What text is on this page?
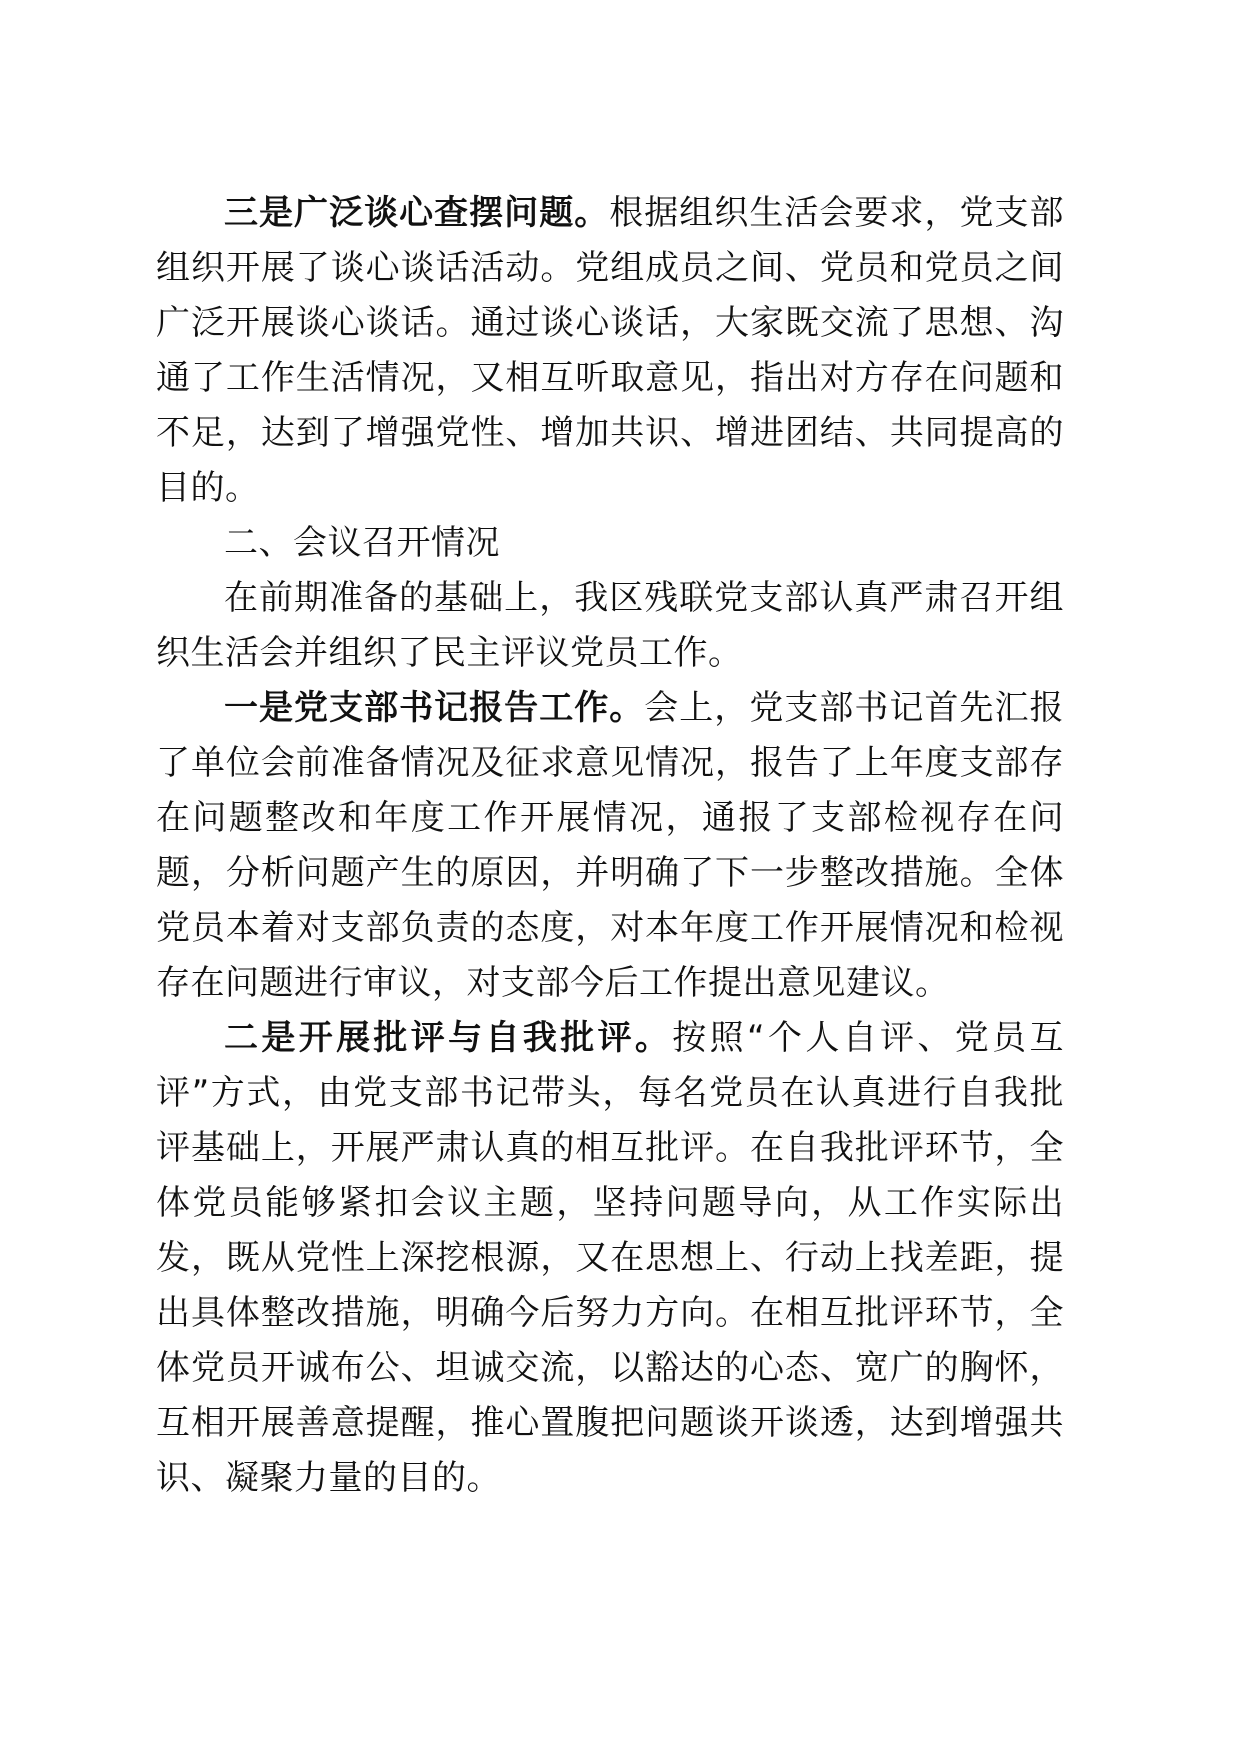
三是广泛谈心查摆问题。根据组织生活会要求，党支部组织开展了谈心谈话活动。党组成员之间、党员和党员之间广泛开展谈心谈话。通过谈心谈话，大家既交流了思想、沟通了工作生活情况，又相互听取意见，指出对方存在问题和不足，达到了增强党性、增加共识、增进团结、共同提高的目的。

二、会议召开情况

在前期准备的基础上，我区残联党支部认真严肃召开组织生活会并组织了民主评议党员工作。

一是党支部书记报告工作。会上，党支部书记首先汇报了单位会前准备情况及征求意见情况，报告了上年度支部存在问题整改和年度工作开展情况，通报了支部检视存在问题，分析问题产生的原因，并明确了下一步整改措施。全体党员本着对支部负责的态度，对本年度工作开展情况和检视存在问题进行审议，对支部今后工作提出意见建议。

二是开展批评与自我批评。按照“个人自评、党员互评”方式，由党支部书记带头，每名党员在认真进行自我批评基础上，开展严肃认真的相互批评。在自我批评环节，全体党员能够紧扣会议主题，坚持问题导向，从工作实际出发，既从党性上深挖根源，又在思想上、行动上找差距，提出具体整改措施，明确今后努力方向。在相互批评环节，全体党员开诚布公、坦诚交流，以豁达的心态、宽广的胸怀，互相开展善意提醒，推心置腹把问题谈开谈透，达到增强共识、凝聚力量的目的。
